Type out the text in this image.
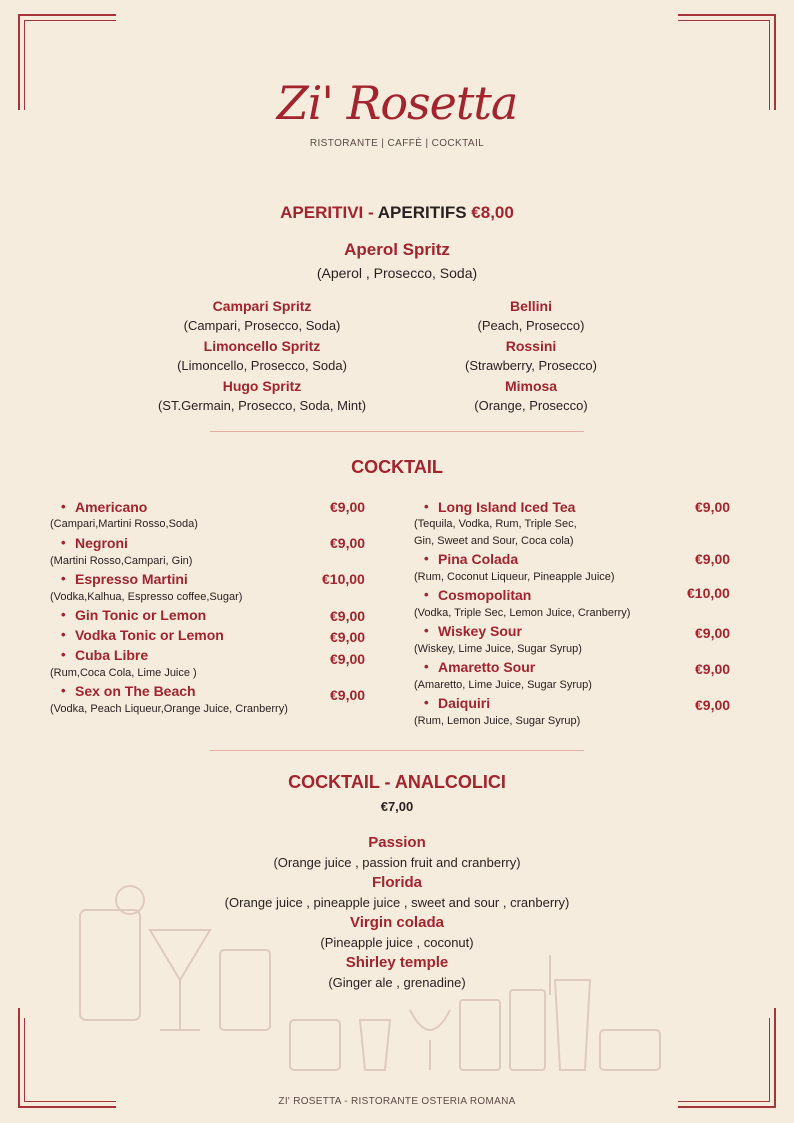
Zi' Rosetta
RISTORANTE | CAFFÈ | COCKTAIL
APERITIVI - APERITIFS €8,00
Aperol Spritz
(Aperol , Prosecco, Soda)
Campari Spritz
(Campari, Prosecco, Soda)
Limoncello Spritz
(Limoncello, Prosecco, Soda)
Hugo Spritz
(ST.Germain, Prosecco, Soda, Mint)
Bellini
(Peach, Prosecco)
Rossini
(Strawberry, Prosecco)
Mimosa
(Orange, Prosecco)
COCKTAIL
• Americano	€9,00
(Campari,Martini Rosso,Soda)
• Negroni	€9,00
(Martini Rosso,Campari, Gin)
• Espresso Martini	€10,00
(Vodka,Kalhua, Espresso coffee,Sugar)
• Gin Tonic or Lemon	€9,00
• Vodka Tonic or Lemon	€9,00
• Cuba Libre	€9,00
(Rum,Coca Cola, Lime Juice )
• Sex on The Beach	€9,00
(Vodka, Peach Liqueur,Orange Juice, Cranberry)
• Long Island Iced Tea	€9,00
(Tequila, Vodka, Rum, Triple Sec,
Gin, Sweet and Sour, Coca cola)
• Pina Colada	€9,00
(Rum, Coconut Liqueur, Pineapple Juice)
• Cosmopolitan	€10,00
(Vodka, Triple Sec, Lemon Juice, Cranberry)
• Wiskey Sour	€9,00
(Wiskey, Lime Juice, Sugar Syrup)
• Amaretto Sour	€9,00
(Amaretto, Lime Juice, Sugar Syrup)
• Daiquiri	€9,00
(Rum, Lemon Juice, Sugar Syrup)
COCKTAIL - ANALCOLICI
€7,00
Passion
(Orange juice , passion fruit and cranberry)
Florida
(Orange juice , pineapple juice , sweet and sour , cranberry)
Virgin colada
(Pineapple juice , coconut)
Shirley temple
(Ginger ale , grenadine)
ZI' ROSETTA - RISTORANTE OSTERIA ROMANA
